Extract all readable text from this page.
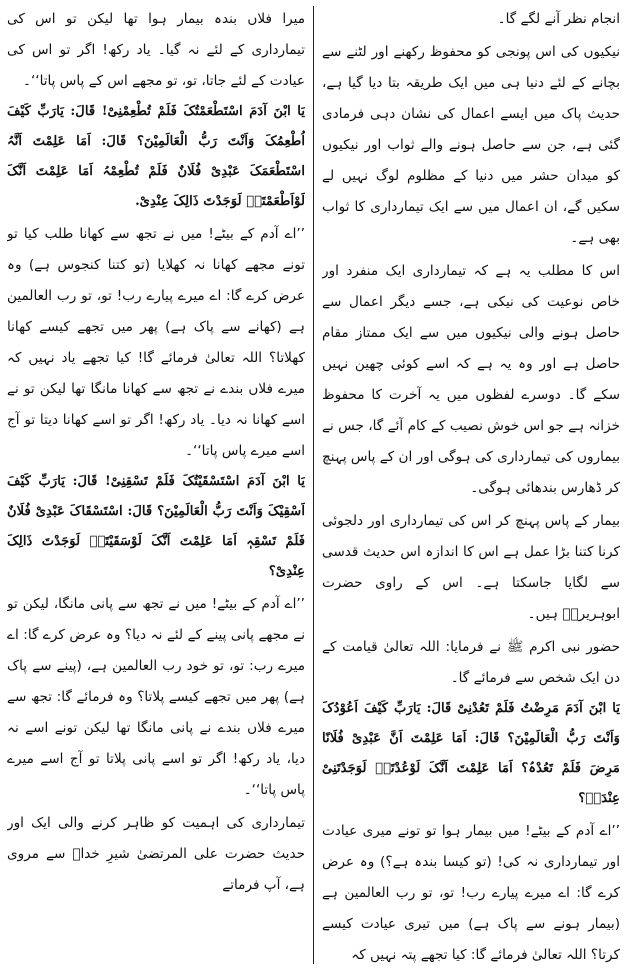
انجام نظر آنے لگے گا۔

نیکیوں کی اس پونجی کو محفوظ رکھنے اور لٹنے سے بچانے کے لئے دنیا ہی میں ایک طریقہ بتا دیا گیا ہے، حدیث پاک میں ایسے اعمال کی نشان دہی فرمادی گئی ہے، جن سے حاصل ہونے والے ثواب اور نیکیوں کو میدان حشر میں دنیا کے مظلوم لوگ نہیں لے سکیں گے، ان اعمال میں سے ایک تیمارداری کا ثواب بھی ہے۔

اس کا مطلب یہ ہے کہ تیمارداری ایک منفرد اور خاص نوعیت کی نیکی ہے، جسے دیگر اعمال سے حاصل ہونے والی نیکیوں میں سے ایک ممتاز مقام حاصل ہے اور وہ یہ ہے کہ اسے کوئی چھین نہیں سکے گا۔ دوسرے لفظوں میں یہ آخرت کا محفوظ خزانہ ہے جو اس خوش نصیب کے کام آئے گا، جس نے بیماروں کی تیمارداری کی ہوگی اور ان کے پاس پہنچ کر ڈھارس بندھائی ہوگی۔

بیمار کے پاس پہنچ کر اس کی تیمارداری اور دلجوئی کرنا کتنا بڑا عمل ہے اس کا اندازہ اس حدیث قدسی سے لگایا جاسکتا ہے۔ اس کے راوی حضرت ابوہریرہؓ ہیں۔

حضور نبی اکرم ﷺ نے فرمایا: اللہ تعالیٰ قیامت کے دن ایک شخص سے فرمائے گا۔

یَا ابْنَ آدَمَ مَرِضْتُ فَلَمْ تَعُدْنِیْ قَالَ: یَارَبِّ کَیْفَ اَعُوْدُکَ وَاَنْتَ رَبُّ الْعَالَمِیْنَ؟ قَالَ: اَمَا عَلِمْتَ اَنَّ عَبْدِیْ فُلَانًا مَرِضَ فَلَمْ تَعُدْہُ؟ اَمَا عَلِمْتَ اَنَّکَ لَوْعُدْتَہٗ لَوَجَدْتَنِیْ عِنْدَہٗ؟

’’اے آدم کے بیٹے! میں بیمار ہوا تو تونے میری عیادت اور تیمارداری نہ کی! (تو کیسا بندہ ہے؟) وہ عرض کرے گا: اے میرے پیارے رب! تو، تو رب العالمین ہے (بیمار ہونے سے پاک ہے) میں تیری عیادت کیسے کرتا؟ اللہ تعالیٰ فرمائے گا: کیا تجھے پتہ نہیں کہ

میرا فلاں بندہ بیمار ہوا تھا لیکن تو اس کی تیمارداری کے لئے نہ گیا۔ یاد رکھ! اگر تو اس کی عیادت کے لئے جاتا، تو، تو مجھے اس کے پاس پاتا‘‘۔

یَا ابْنَ آدَمَ اسْتَطْعَمْتُکَ فَلَمْ تُطْعِمْنِیْ! قَالَ: یَارَبِّ کَیْفَ اُطْعِمُکَ وَاَنْتَ رَبُّ الْعَالَمِیْنَ؟ قَالَ: اَمَا عَلِمْتَ اَنَّہُ اسْتَطْعَمَکَ عَبْدِیْ فُلَانٌ فَلَمْ تُطْعِمْہُ اَمَا عَلِمْتَ اَنَّکَ لَوْاَطْعَمْتَہٗ لَوَجَدْتَ ذَالِکَ عِنْدِیْ.

’’اے آدم کے بیٹے! میں نے تجھ سے کھانا طلب کیا تو تونے مجھے کھانا نہ کھلایا (تو کتنا کنجوس ہے) وہ عرض کرے گا: اے میرے پیارے رب! تو، تو رب العالمین ہے (کھانے سے پاک ہے) پھر میں تجھے کیسے کھانا کھلاتا؟ اللہ تعالیٰ فرمائے گا! کیا تجھے یاد نہیں کہ میرے فلاں بندے نے تجھ سے کھانا مانگا تھا لیکن تو نے اسے کھانا نہ دیا۔ یاد رکھ! اگر تو اسے کھانا دیتا تو آج اسے میرے پاس پاتا‘‘۔

یَا ابْنَ آدَمَ اسْتَسْقَیْتُکَ فَلَمْ تَسْقِنِیْ! قَالَ: یَارَبِّ کَیْفَ اَسْقِیْکَ وَاَنْتَ رَبُّ الْعَالَمِیْنَ؟ قَالَ: اسْتَسْقَاکَ عَبْدِیْ فُلَانٌ فَلَمْ تَسْقِہٖ اَمَا عَلِمْتَ اَنَّکَ لَوْسَقَیْتَہٗ لَوَجَدْتَ ذَالِکَ عِنْدِیْ؟

’’اے آدم کے بیٹے! میں نے تجھ سے پانی مانگا، لیکن تو نے مجھے پانی پینے کے لئے نہ دیا؟ وہ عرض کرے گا: اے میرے رب: تو، تو خود رب العالمین ہے، (پینے سے پاک ہے) پھر میں تجھے کیسے پلاتا؟ وہ فرمائے گا: تجھ سے میرے فلاں بندے نے پانی مانگا تھا لیکن تونے اسے نہ دیا، یاد رکھ! اگر تو اسے پانی پلاتا تو آج اسے میرے پاس پاتا‘‘۔

تیمارداری کی اہمیت کو ظاہر کرنے والی ایک اور حدیث حضرت علی المرتضیٰ شیرِ خداؓ سے مروی ہے، آپ فرماتے
